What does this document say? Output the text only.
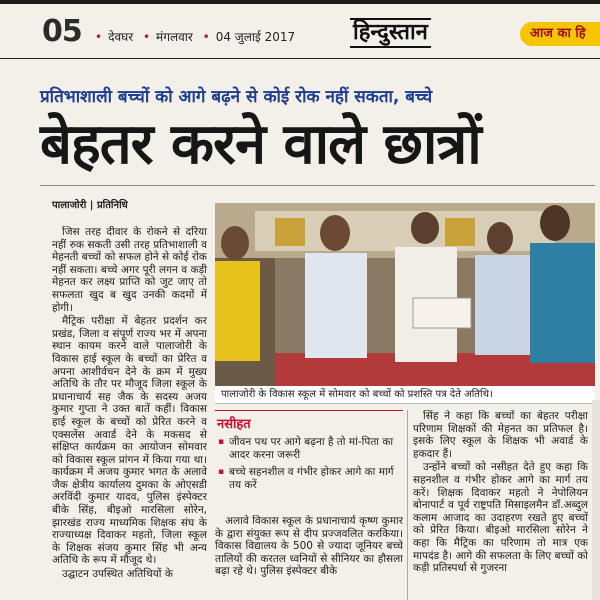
05 • देवघर • मंगलवार • 04 जुलाई 2017	हिन्दुस्तान	आज का हि
प्रतिभाशाली बच्चों को आगे बढ़ने से कोई रोक नहीं सकता, बच्चे
बेहतर करने वाले छात्रों
पालाजोरी | प्रतिनिधि

जिस तरह दीवार के रोकने से दरिया नहीं रुक सकती उसी तरह प्रतिभाशाली व मेहनती बच्चों को सफल होने से कोई रोक नहीं सकता। बच्चे अगर पूरी लगन व कड़ी मेहनत कर लक्ष्य प्राप्ति को जुट जाए तो सफलता खुद ब खुद उनकी कदमों में होगी।

मैट्रिक परीक्षा में बेहतर प्रदर्शन कर प्रखंड, जिला व संपूर्ण राज्य भर में अपना स्थान कायम करने वाले पालाजोरी के विकास हाई स्कूल के बच्चों का प्रेरित व अपना आशीर्वचन देने के क्रम में मुख्य अतिथि के तौर पर मौजूद जिला स्कूल के प्रधानाचार्य सह जैक के सदस्य अजय कुमार गुप्ता ने उक्त बातें कहीं। विकास हाई स्कूल के बच्चों को प्रेरित करने व एक्सलेंस अवार्ड देने के मकसद से संक्षिप्त कार्यक्रम का आयोजन सोमवार को विकास स्कूल प्रांगन में किया गया था। कार्यक्रम में अजय कुमार भगत के अलावे जैक क्षेत्रीय कार्यालय दुमका के ओएसडी अरविंदी कुमार यादव, पुलिस इंस्पेक्टर बीके सिंह, बीइओ मारसिला सोरेन, झारखंड राज्य माध्यमिक शिक्षक संघ के राज्याध्यक्ष दिवाकर महतो, जिला स्कूल के शिक्षक संजय कुमार सिंह भी अन्य अतिथि के रूप में मौजूद थे।

उद्घाटन उपस्थित अतिथियों के

पालाजोरी के विकास स्कूल में सोमवार को बच्चों को प्रशस्ति पत्र देते अतिथि।
नसीहत
▪ जीवन पथ पर आगे बढ़ना है तो मां-पिता का आदर करना जरूरी
▪ बच्चे सहनशील व गंभीर होकर आगे का मार्ग तय करें

अलावे विकास स्कूल के प्रधानाचार्य कृष्ण कुमार के द्वारा संयुक्त रूप से दीप प्रज्जवलित करकिया। विकास विद्यालय के 500 से ज्यादा जूनियर बच्चे तालियों की करतल ध्वनियों से सीनियर का हौसला बढ़ा रहे थे। पुलिस इंस्पेक्टर बीके

सिंह ने कहा कि बच्चों का बेहतर परीक्षा परिणाम शिक्षकों की मेहनत का प्रतिफल है। इसके लिए स्कूल के शिक्षक भी अवार्ड के हकदार हैं।

उन्होंने बच्चों को नसीहत देते हुए कहा कि सहनशील व गंभीर होकर आगे का मार्ग तय करें। शिक्षक दिवाकर महतो ने नेपोलियन बोनापार्ट व पूर्व राष्ट्रपति मिसाइलमैन डॉ.अब्दुल कलाम आजाद का उदाहरण रखते हुए बच्चों को प्रेरित किया। बीइओ मारसिला सोरेन ने कहा कि मैट्रिक का परिणाम तो मात्र एक मापदंड है। आगे की सफलता के लिए बच्चों को कड़ी प्रतिस्पर्धा से गुजरना
